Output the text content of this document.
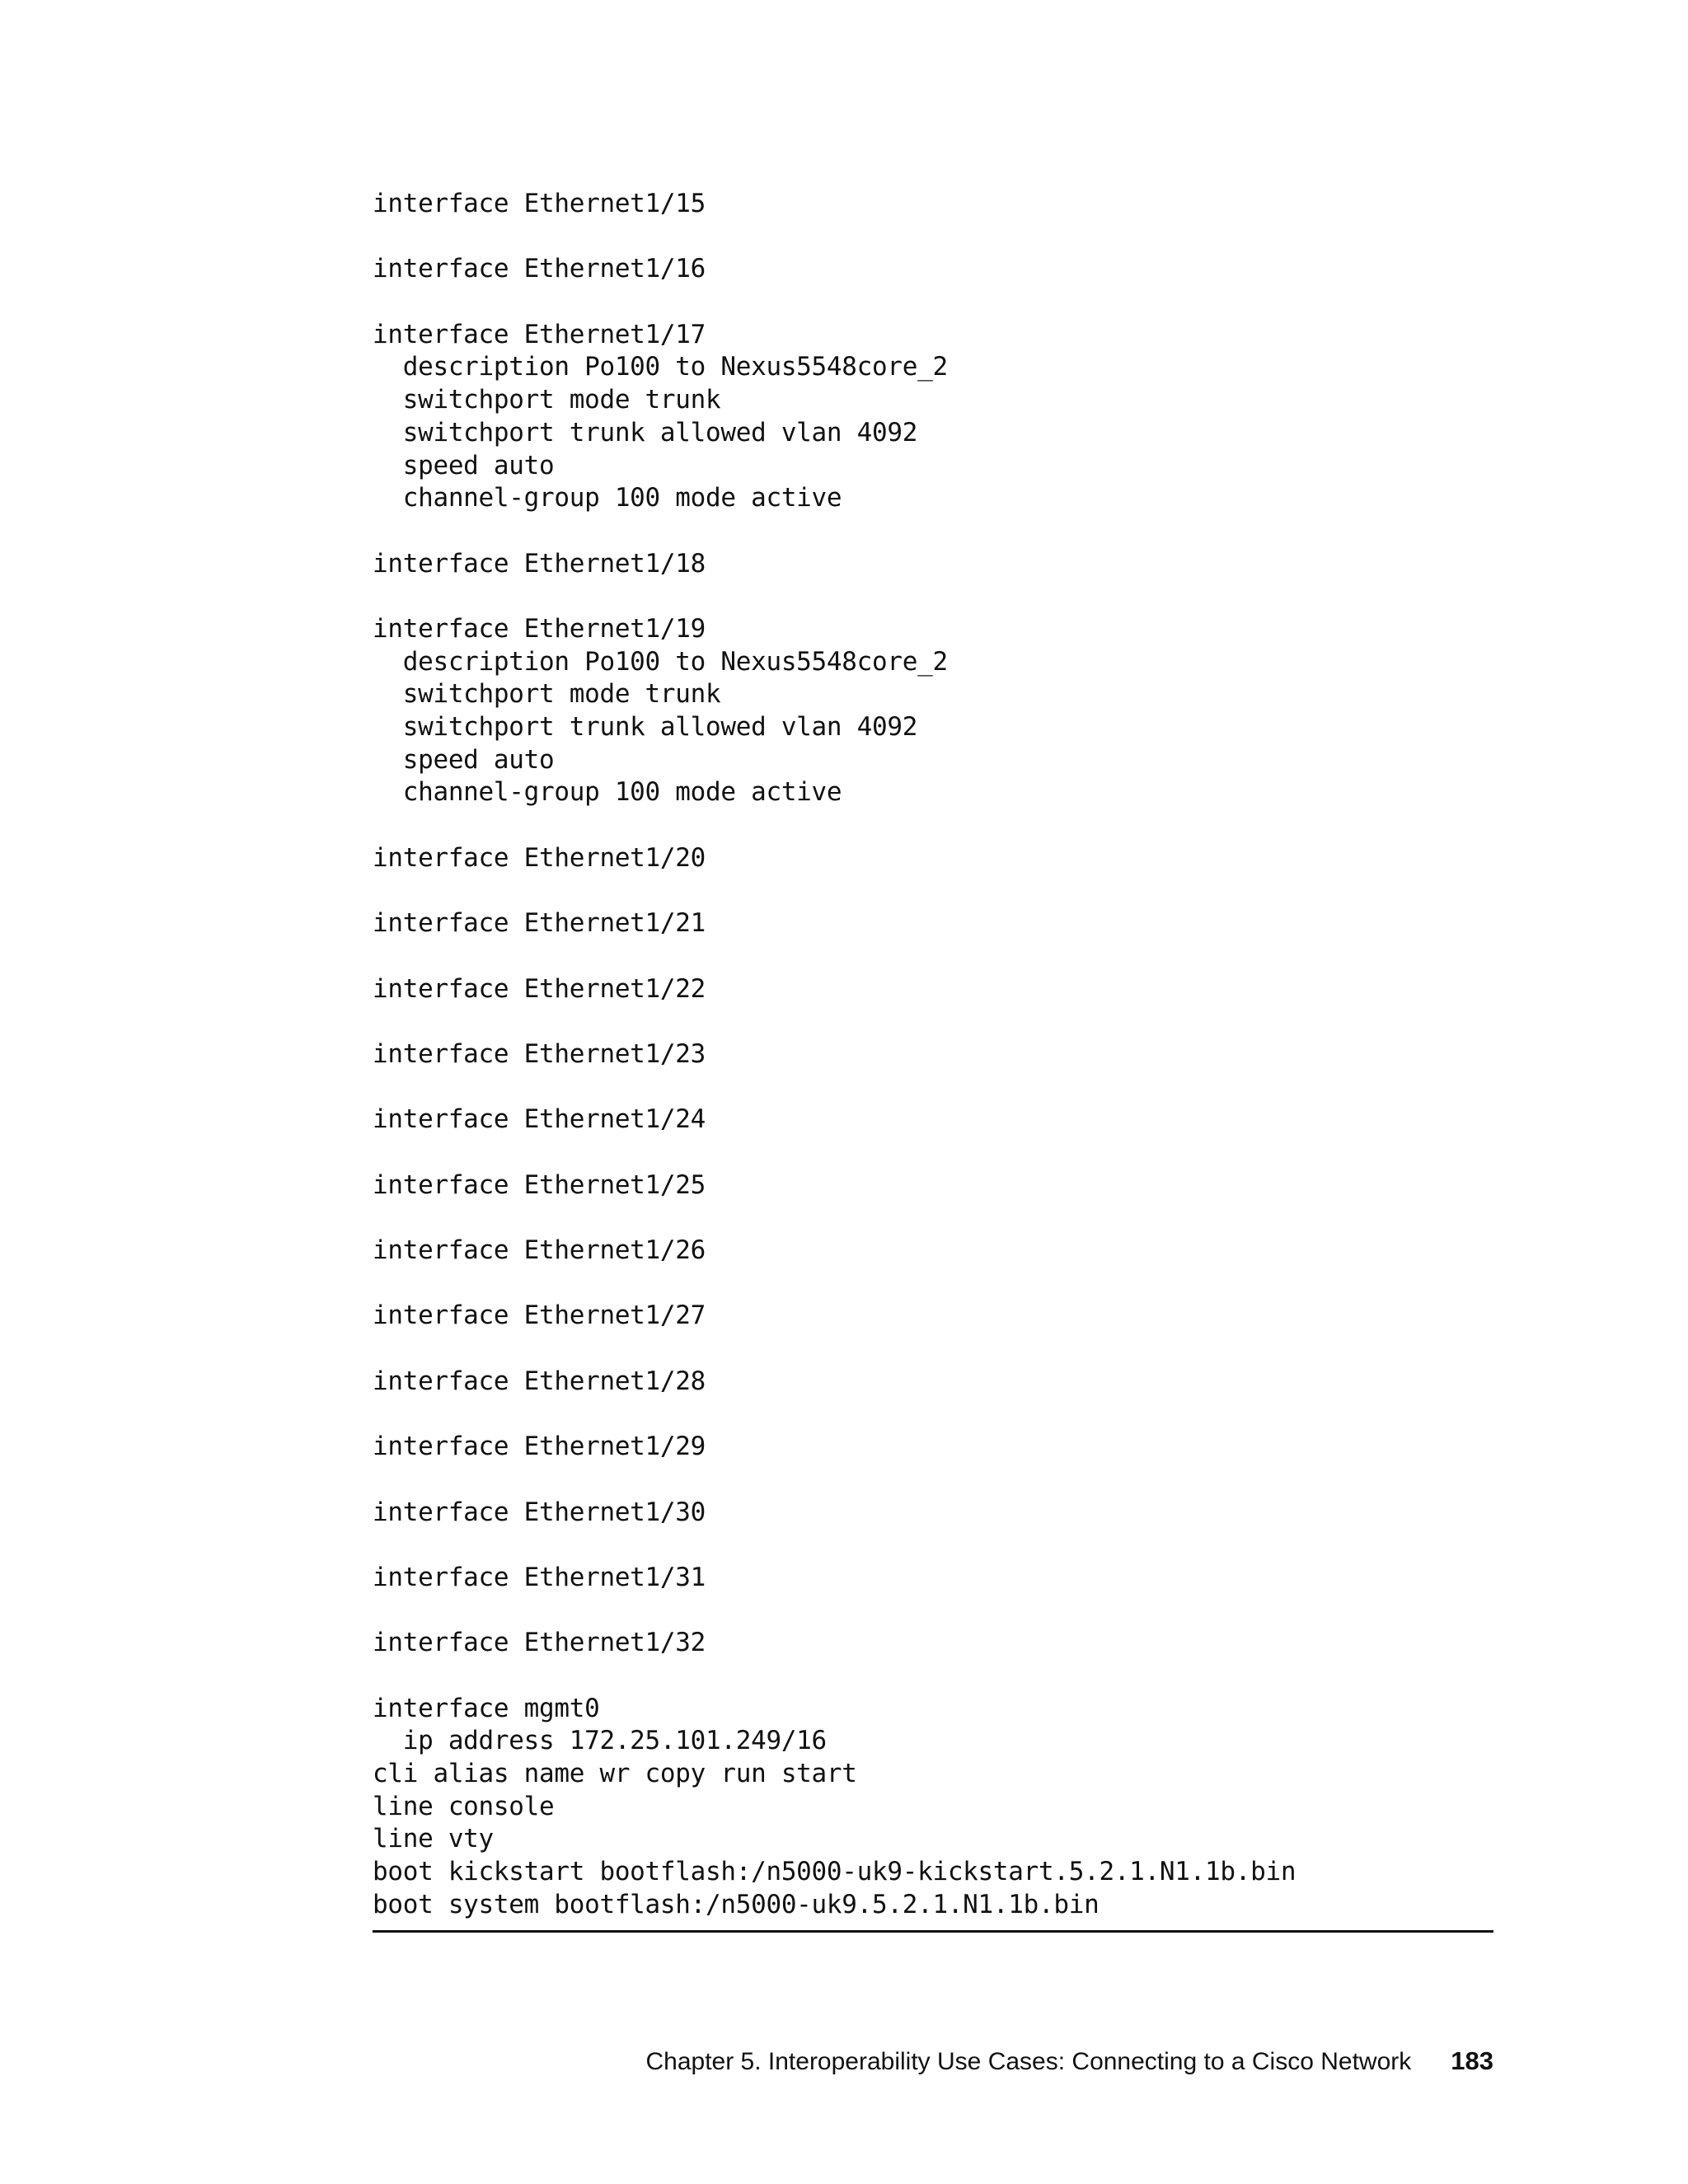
interface Ethernet1/15
interface Ethernet1/16
interface Ethernet1/17
description Po100 to Nexus5548core_2
switchport mode trunk
switchport trunk allowed vlan 4092
speed auto
channel-group 100 mode active
interface Ethernet1/18
interface Ethernet1/19
description Po100 to Nexus5548core_2
switchport mode trunk
switchport trunk allowed vlan 4092
speed auto
channel-group 100 mode active
interface Ethernet1/20
interface Ethernet1/21
interface Ethernet1/22
interface Ethernet1/23
interface Ethernet1/24
interface Ethernet1/25
interface Ethernet1/26
interface Ethernet1/27
interface Ethernet1/28
interface Ethernet1/29
interface Ethernet1/30
interface Ethernet1/31
interface Ethernet1/32
interface mgmt0
ip address 172.25.101.249/16
cli alias name wr copy run start
line console
line vty
boot kickstart bootflash:/n5000-uk9-kickstart.5.2.1.N1.1b.bin
boot system bootflash:/n5000-uk9.5.2.1.N1.1b.bin
Chapter 5. Interoperability Use Cases: Connecting to a Cisco Network 183
